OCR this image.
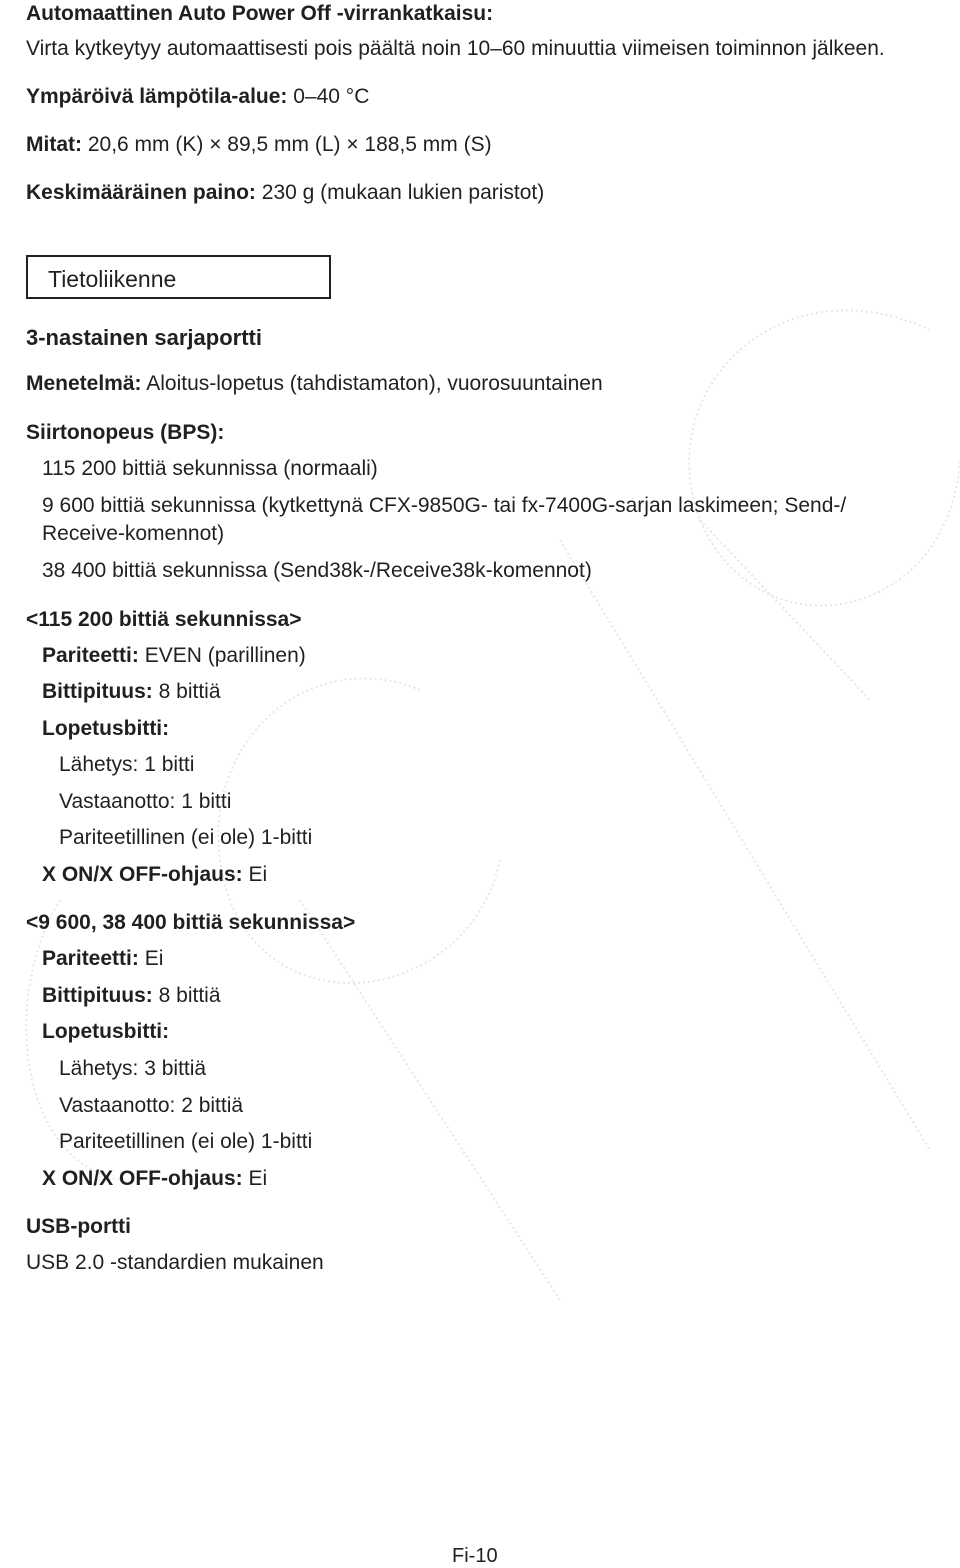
Automaattinen Auto Power Off -virrankatkaisu:
Virta kytkeytyy automaattisesti pois päältä noin 10–60 minuuttia viimeisen toiminnon jälkeen.
Ympäröivä lämpötila-alue: 0–40 °C
Mitat: 20,6 mm (K) × 89,5 mm (L) × 188,5 mm (S)
Keskimääräinen paino: 230 g (mukaan lukien paristot)
Tietoliikenne
3-nastainen sarjaportti
Menetelmä: Aloitus-lopetus (tahdistamaton), vuorosuuntainen
Siirtonopeus (BPS):
115 200 bittiä sekunnissa (normaali)
9 600 bittiä sekunnissa (kytkettynä CFX-9850G- tai fx-7400G-sarjan laskimeen; Send-/
Receive-komennot)
38 400 bittiä sekunnissa (Send38k-/Receive38k-komennot)
<115 200 bittiä sekunnissa>
Pariteetti: EVEN (parillinen)
Bittipituus: 8 bittiä
Lopetusbitti:
Lähetys: 1 bitti
Vastaanotto: 1 bitti
Pariteetillinen (ei ole) 1-bitti
X ON/X OFF-ohjaus: Ei
<9 600, 38 400 bittiä sekunnissa>
Pariteetti: Ei
Bittipituus: 8 bittiä
Lopetusbitti:
Lähetys: 3 bittiä
Vastaanotto: 2 bittiä
Pariteetillinen (ei ole) 1-bitti
X ON/X OFF-ohjaus: Ei
USB-portti
USB 2.0 -standardien mukainen
Fi-10
